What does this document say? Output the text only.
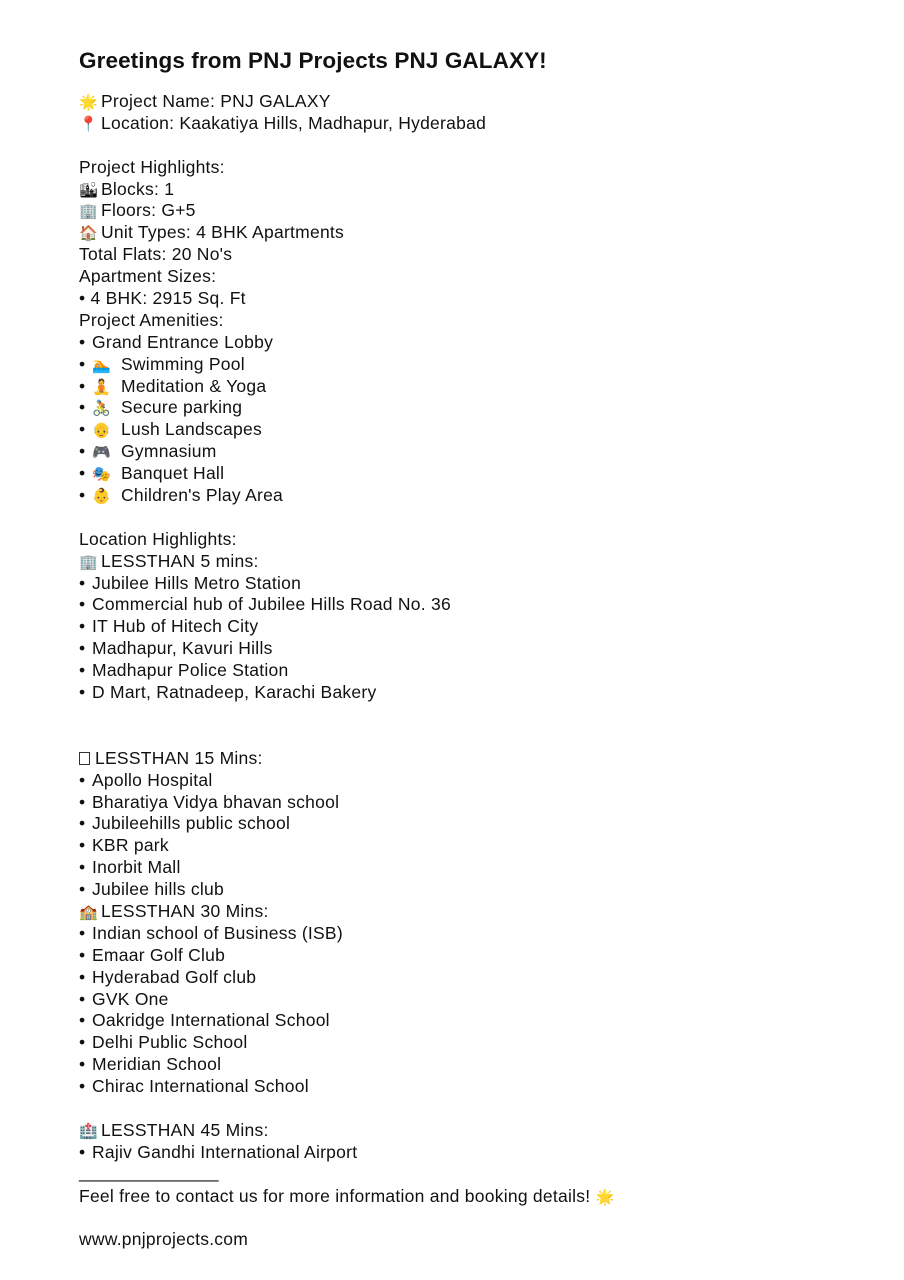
Greetings from PNJ Projects PNJ GALAXY!
🌟 Project Name: PNJ GALAXY
📍 Location: Kaakatiya Hills, Madhapur, Hyderabad
Project Highlights:
🏙 Blocks: 1
🏢 Floors: G+5
🏠 Unit Types: 4 BHK Apartments
Total Flats: 20 No's
Apartment Sizes:
• 4 BHK: 2915 Sq. Ft
Project Amenities:
• Grand Entrance Lobby
• 🏊 Swimming Pool
• 🧘 Meditation & Yoga
• 🚴 Secure parking
• 👴 Lush Landscapes
• 🎮 Gymnasium
• 🎭 Banquet Hall
• 👶 Children's Play Area
Location Highlights:
🏢 LESSTHAN 5 mins:
• Jubilee Hills Metro Station
• Commercial hub of Jubilee Hills Road No. 36
• IT Hub of Hitech City
• Madhapur, Kavuri Hills
• Madhapur Police Station
• D Mart, Ratnadeep, Karachi Bakery
LESSTHAN 15 Mins:
• Apollo Hospital
• Bharatiya Vidya bhavan school
• Jubileehills public school
• KBR park
• Inorbit Mall
• Jubilee hills club
🏫 LESSTHAN 30 Mins:
• Indian school of Business (ISB)
• Emaar Golf Club
• Hyderabad Golf club
• GVK One
• Oakridge International School
• Delhi Public School
• Meridian School
• Chirac International School
🏥 LESSTHAN 45 Mins:
• Rajiv Gandhi International Airport
______________
Feel free to contact us for more information and booking details! 🌟
www.pnjprojects.com
